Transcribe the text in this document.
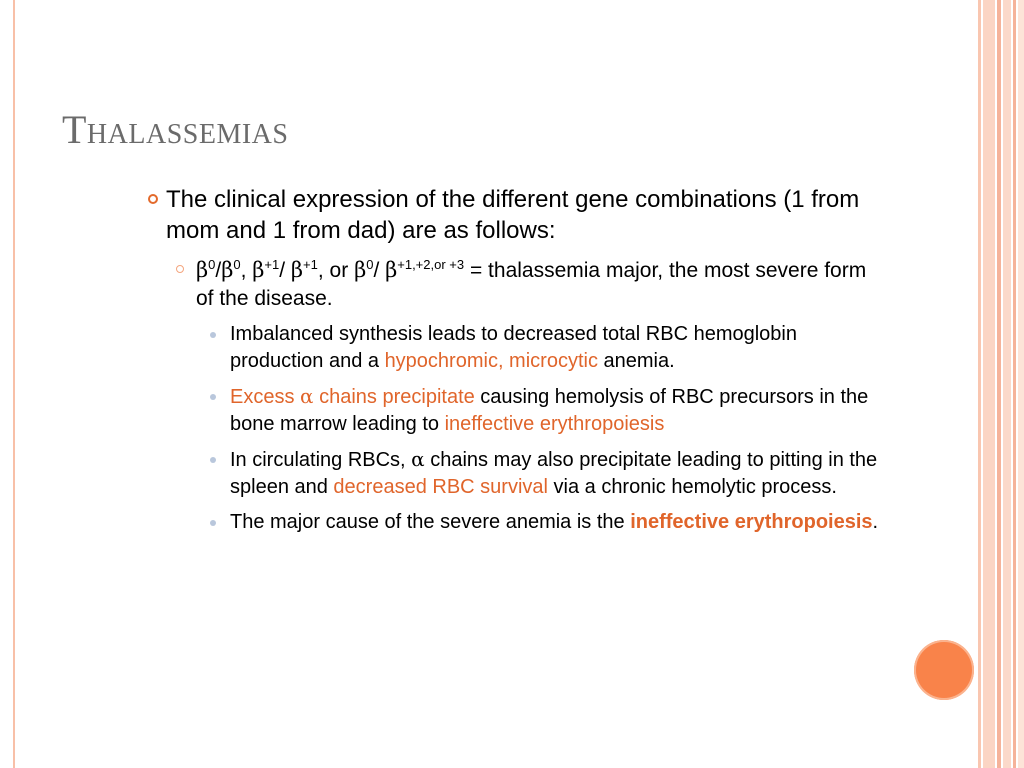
Thalassemias
The clinical expression of the different gene combinations (1 from mom and 1 from dad) are as follows:
$\beta^0/\beta^0$, $\beta^{+1}/$ $\beta^{+1}$, or $\beta^0/$ $\beta^{+1,+2,or +3}$ = thalassemia major, the most severe form of the disease.
Imbalanced synthesis leads to decreased total RBC hemoglobin production and a hypochromic, microcytic anemia.
Excess α chains precipitate causing hemolysis of RBC precursors in the bone marrow leading to ineffective erythropoiesis
In circulating RBCs, α chains may also precipitate leading to pitting in the spleen and decreased RBC survival via a chronic hemolytic process.
The major cause of the severe anemia is the ineffective erythropoiesis.
